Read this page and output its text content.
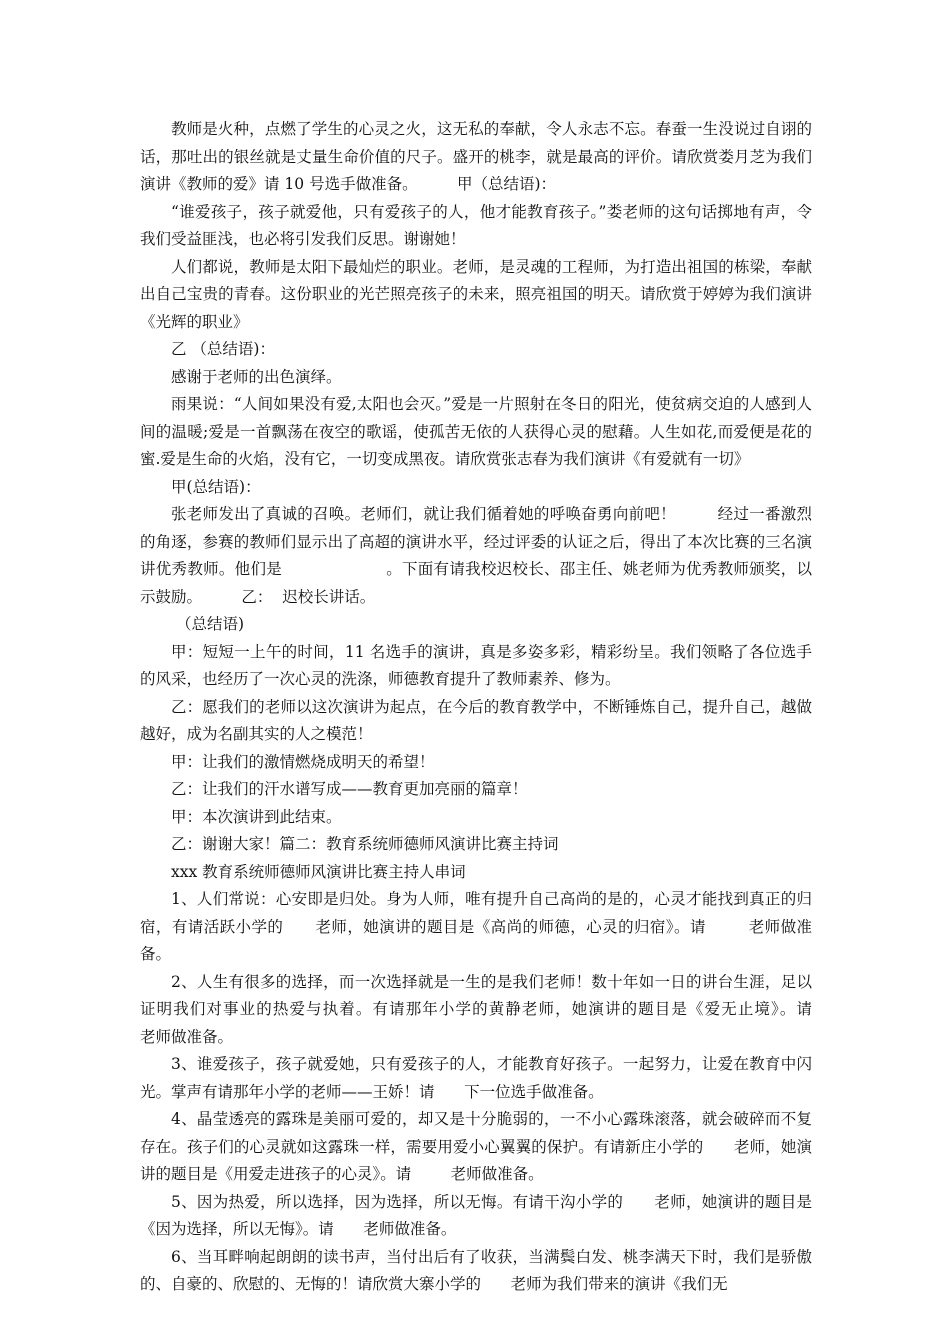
教师是火种，点燃了学生的心灵之火，这无私的奉献，令人永志不忘。春蚕一生没说过自诩的话，那吐出的银丝就是丈量生命价值的尺子。盛开的桃李，就是最高的评价。请欣赏娄月芝为我们演讲《教师的爱》请 10 号选手做准备。        甲（总结语)：

“谁爱孩子，孩子就爱他，只有爱孩子的人，他才能教育孩子。”娄老师的这句话掷地有声，令我们受益匪浅，也必将引发我们反思。谢谢她！

人们都说，教师是太阳下最灿烂的职业。老师，是灵魂的工程师，为打造出祖国的栋梁，奉献出自己宝贵的青春。这份职业的光芒照亮孩子的未来，照亮祖国的明天。请欣赏于婷婷为我们演讲《光辉的职业》

乙 （总结语)：

感谢于老师的出色演绎。

雨果说：“人间如果没有爱,太阳也会灭。”爱是一片照射在冬日的阳光，使贫病交迫的人感到人间的温暖;爱是一首飘荡在夜空的歌谣，使孤苦无依的人获得心灵的慰藉。人生如花,而爱便是花的蜜.爱是生命的火焰，没有它，一切变成黑夜。请欣赏张志春为我们演讲《有爱就有一切》

甲(总结语)：

张老师发出了真诚的召唤。老师们，就让我们循着她的呼唤奋勇向前吧！        经过一番激烈的角逐，参赛的教师们显示出了高超的演讲水平，经过评委的认证之后，得出了本次比赛的三名演讲优秀教师。他们是                    。下面有请我校迟校长、邵主任、姚老师为优秀教师颁奖，以示鼓励。        乙：  迟校长讲话。

（总结语)

甲：短短一上午的时间，11 名选手的演讲，真是多姿多彩，精彩纷呈。我们领略了各位选手的风采，也经历了一次心灵的洗涤，师德教育提升了教师素养、修为。

乙：愿我们的老师以这次演讲为起点，在今后的教育教学中，不断锤炼自己，提升自己，越做越好，成为名副其实的人之模范！

甲：让我们的激情燃烧成明天的希望！

乙：让我们的汗水谱写成——教育更加亮丽的篇章！

甲：本次演讲到此结束。

乙：谢谢大家！篇二：教育系统师德师风演讲比赛主持词

xxx 教育系统师德师风演讲比赛主持人串词

1、人们常说：心安即是归处。身为人师，唯有提升自己高尚的是的，心灵才能找到真正的归宿，有请活跃小学的      老师，她演讲的题目是《高尚的师德，心灵的归宿》。请        老师做准备。

2、人生有很多的选择，而一次选择就是一生的是我们老师！数十年如一日的讲台生涯，足以证明我们对事业的热爱与执着。有请那年小学的黄静老师，她演讲的题目是《爱无止境》。请      老师做准备。

3、谁爱孩子，孩子就爱她，只有爱孩子的人，才能教育好孩子。一起努力，让爱在教育中闪光。掌声有请那年小学的老师——王娇！请      下一位选手做准备。

4、晶莹透亮的露珠是美丽可爱的，却又是十分脆弱的，一不小心露珠滚落，就会破碎而不复存在。孩子们的心灵就如这露珠一样，需要用爱小心翼翼的保护。有请新庄小学的      老师，她演讲的题目是《用爱走进孩子的心灵》。请        老师做准备。

5、因为热爱，所以选择，因为选择，所以无悔。有请干沟小学的      老师，她演讲的题目是《因为选择，所以无悔》。请      老师做准备。

6、当耳畔响起朗朗的读书声，当付出后有了收获，当满鬓白发、桃李满天下时，我们是骄傲的、自豪的、欣慰的、无悔的！请欣赏大寨小学的      老师为我们带来的演讲《我们无
